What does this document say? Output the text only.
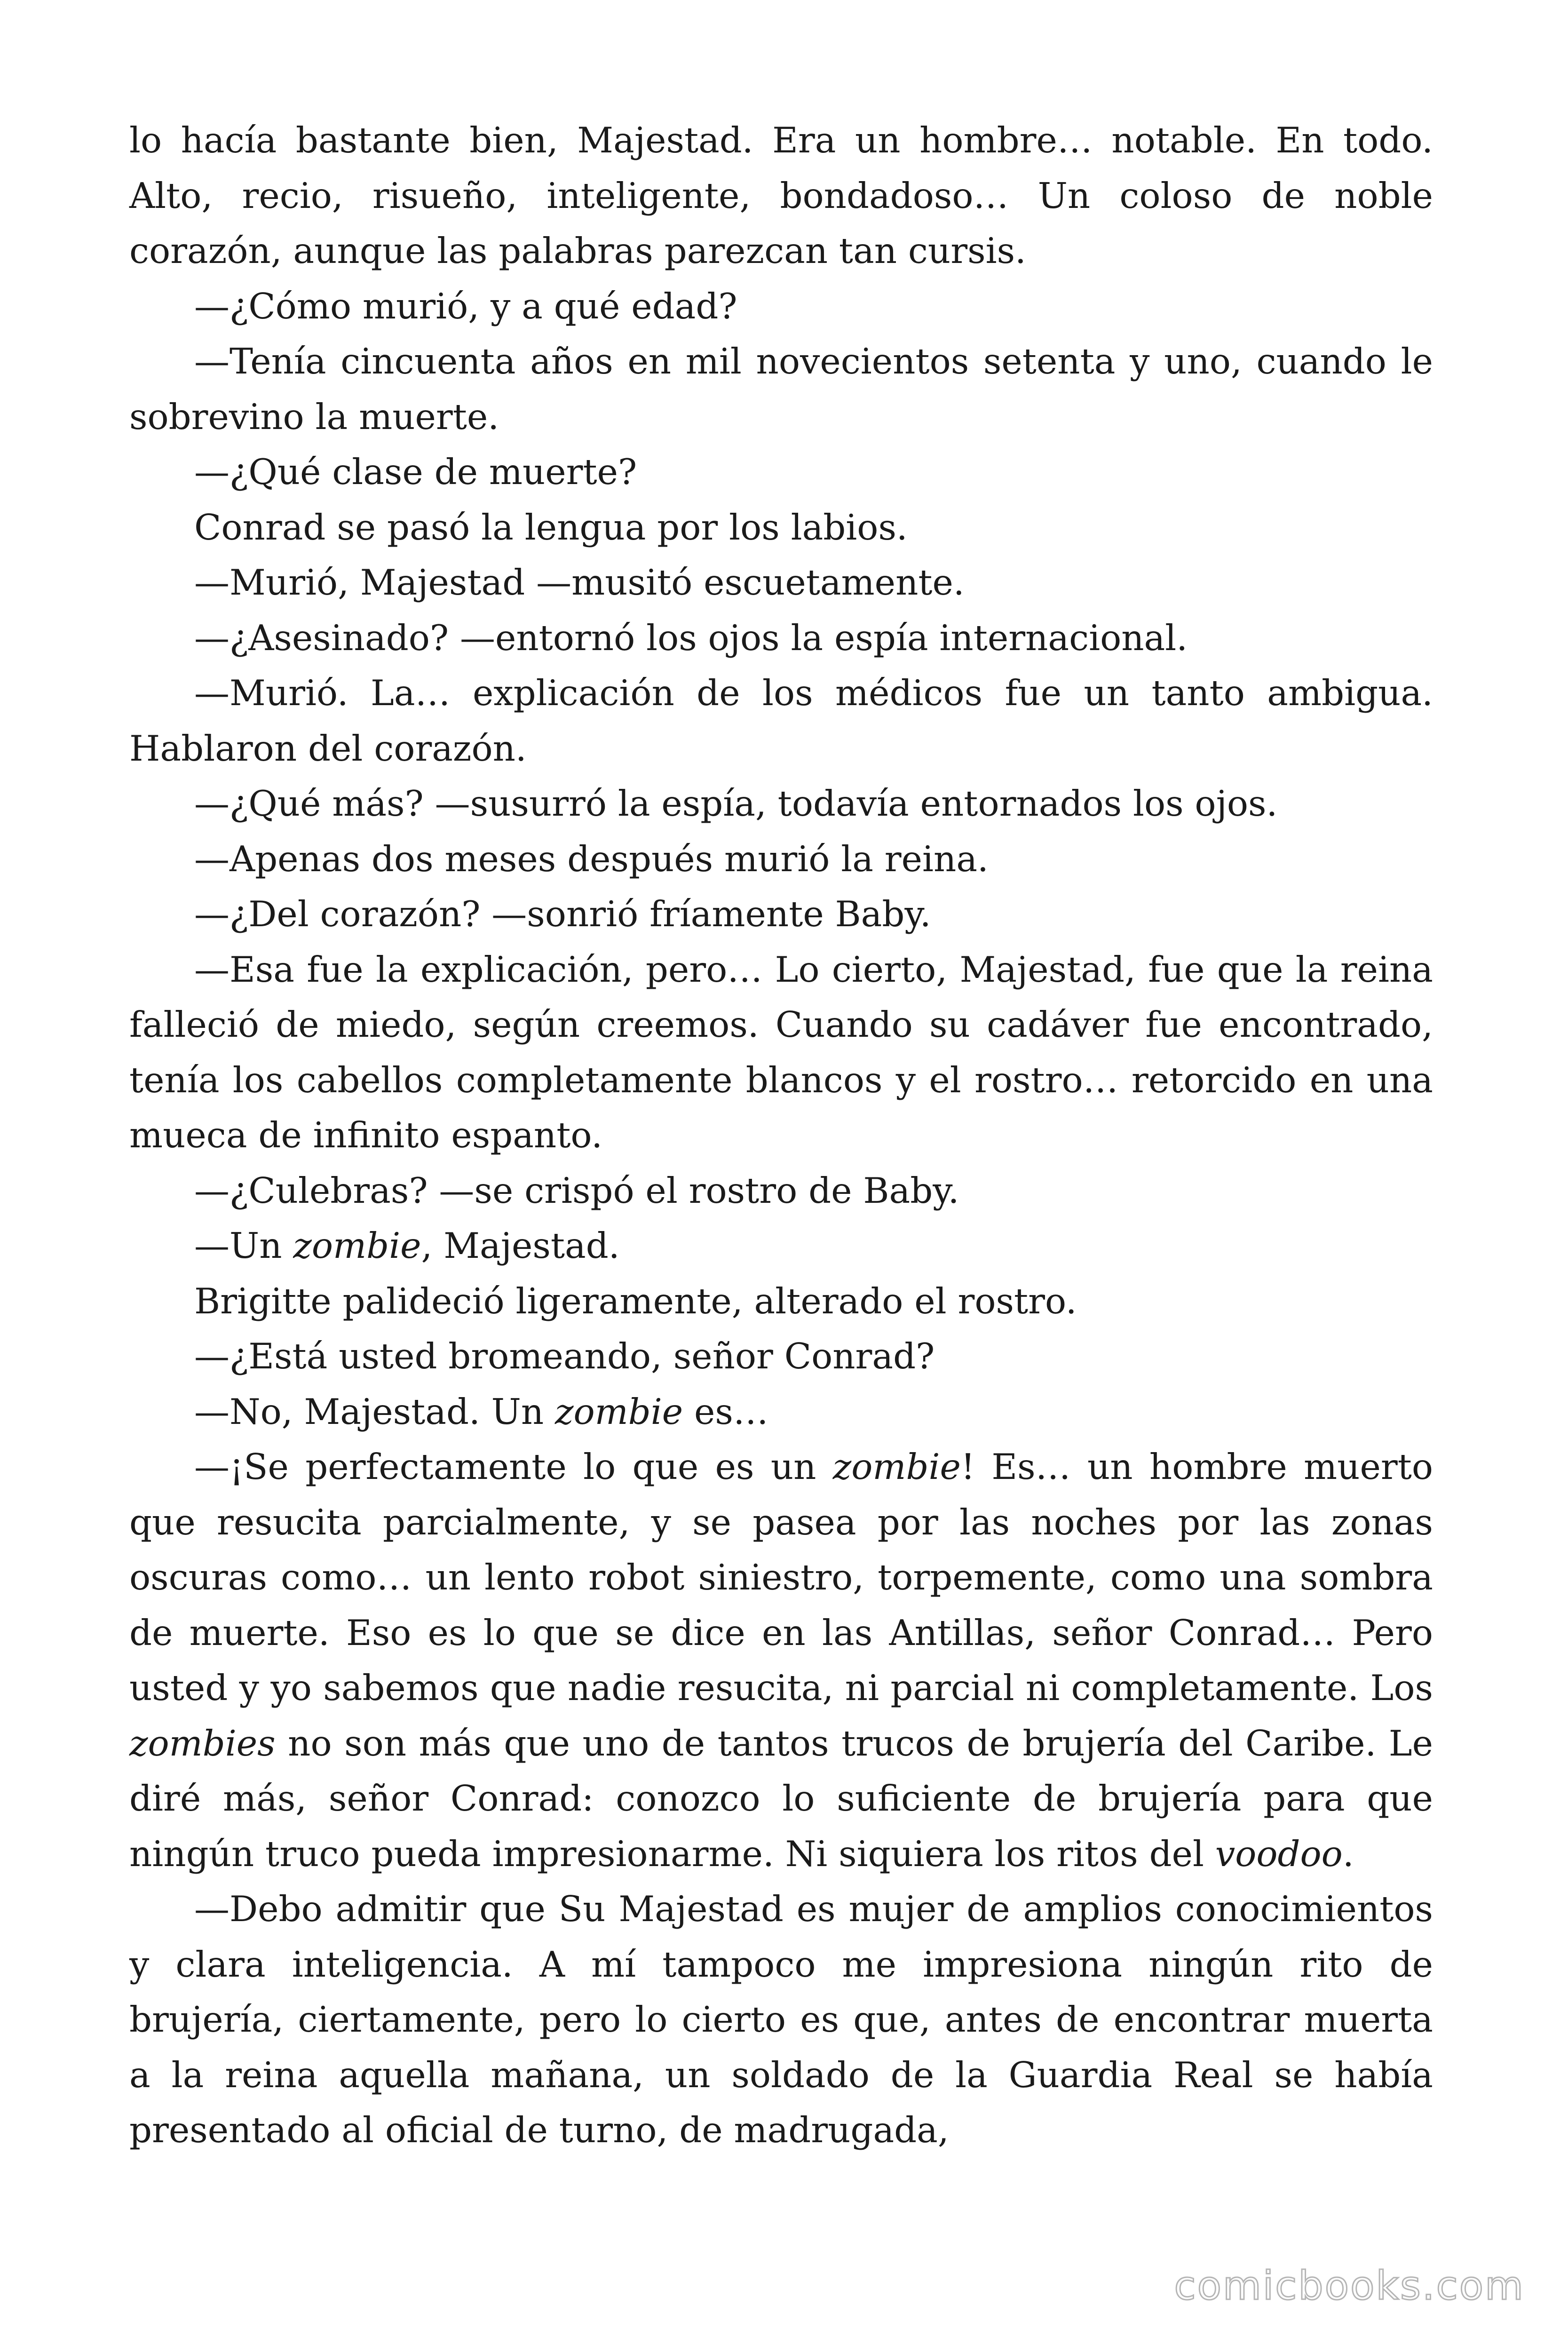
lo hacía bastante bien, Majestad. Era un hombre… notable. En todo. Alto, recio, risueño, inteligente, bondadoso… Un coloso de noble corazón, aunque las palabras parezcan tan cursis.

—¿Cómo murió, y a qué edad?

—Tenía cincuenta años en mil novecientos setenta y uno, cuando le sobrevino la muerte.

—¿Qué clase de muerte?

Conrad se pasó la lengua por los labios.

—Murió, Majestad —musitó escuetamente.

—¿Asesinado? —entornó los ojos la espía internacional.

—Murió. La… explicación de los médicos fue un tanto ambigua. Hablaron del corazón.

—¿Qué más? —susurró la espía, todavía entornados los ojos.

—Apenas dos meses después murió la reina.

—¿Del corazón? —sonrió fríamente Baby.

—Esa fue la explicación, pero… Lo cierto, Majestad, fue que la reina falleció de miedo, según creemos. Cuando su cadáver fue encontrado, tenía los cabellos completamente blancos y el rostro… retorcido en una mueca de infinito espanto.

—¿Culebras? —se crispó el rostro de Baby.

—Un zombie, Majestad.

Brigitte palideció ligeramente, alterado el rostro.

—¿Está usted bromeando, señor Conrad?

—No, Majestad. Un zombie es…

—¡Se perfectamente lo que es un zombie! Es… un hombre muerto que resucita parcialmente, y se pasea por las noches por las zonas oscuras como… un lento robot siniestro, torpemente, como una sombra de muerte. Eso es lo que se dice en las Antillas, señor Conrad… Pero usted y yo sabemos que nadie resucita, ni parcial ni completamente. Los zombies no son más que uno de tantos trucos de brujería del Caribe. Le diré más, señor Conrad: conozco lo suficiente de brujería para que ningún truco pueda impresionarme. Ni siquiera los ritos del voodoo.

—Debo admitir que Su Majestad es mujer de amplios conocimientos y clara inteligencia. A mí tampoco me impresiona ningún rito de brujería, ciertamente, pero lo cierto es que, antes de encontrar muerta a la reina aquella mañana, un soldado de la Guardia Real se había presentado al oficial de turno, de madrugada,

comicbooks.com
